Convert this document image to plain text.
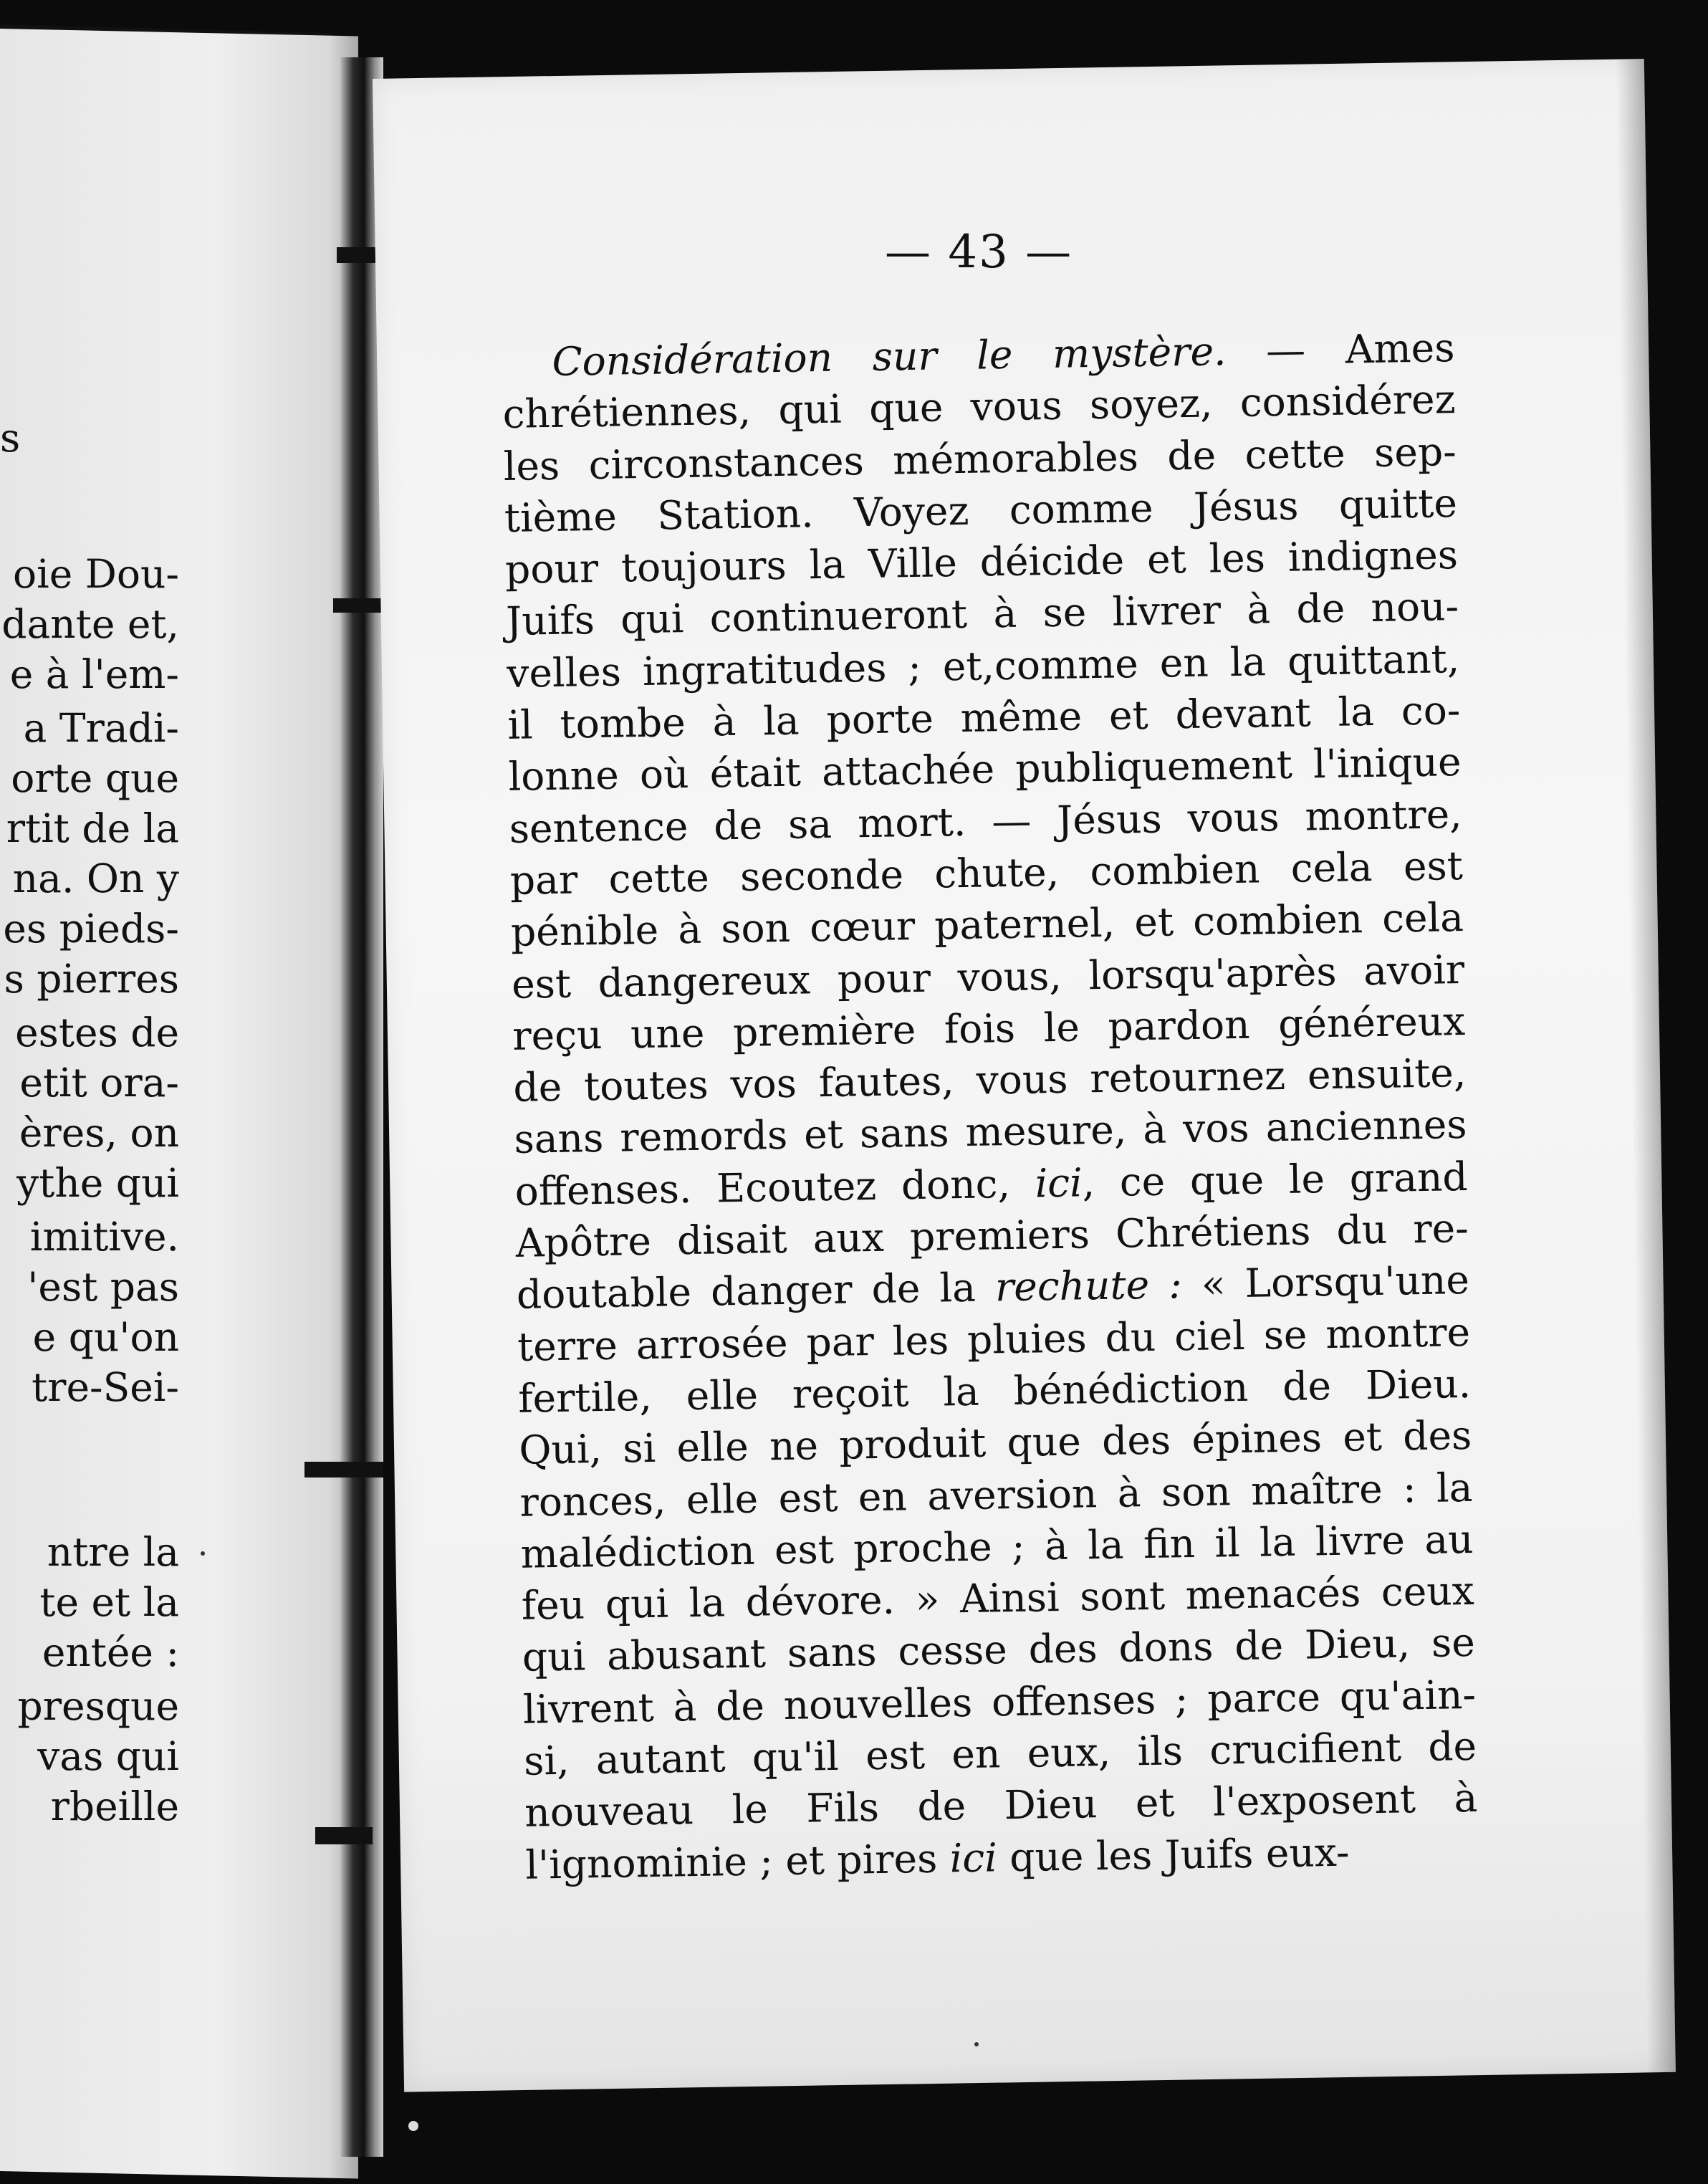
s
oie Dou-
dante et,
e à l'em-
a Tradi-
orte que
rtit de la
na. On y
es pieds-
s pierres
estes de
etit ora-
ères, on
ythe qui
imitive.
'est pas
e qu'on
tre-Sei-
ntre la
te et la
entée :
presque
vas qui
rbeille
— 43 —
Considération sur le mystère. — Ames
chrétiennes, qui que vous soyez, considérez
les circonstances mémorables de cette sep-
tième Station. Voyez comme Jésus quitte
pour toujours la Ville déicide et les indignes
Juifs qui continueront à se livrer à de nou-
velles ingratitudes ; et,comme en la quittant,
il tombe à la porte même et devant la co-
lonne où était attachée publiquement l'inique
sentence de sa mort. — Jésus vous montre,
par cette seconde chute, combien cela est
pénible à son cœur paternel, et combien cela
est dangereux pour vous, lorsqu'après avoir
reçu une première fois le pardon généreux
de toutes vos fautes, vous retournez ensuite,
sans remords et sans mesure, à vos anciennes
offenses. Ecoutez donc, ici, ce que le grand
Apôtre disait aux premiers Chrétiens du re-
doutable danger de la rechute : « Lorsqu'une
terre arrosée par les pluies du ciel se montre
fertile, elle reçoit la bénédiction de Dieu.
Qui, si elle ne produit que des épines et des
ronces, elle est en aversion à son maître : la
malédiction est proche ; à la fin il la livre au
feu qui la dévore. » Ainsi sont menacés ceux
qui abusant sans cesse des dons de Dieu, se
livrent à de nouvelles offenses ; parce qu'ain-
si, autant qu'il est en eux, ils crucifient de
nouveau le Fils de Dieu et l'exposent à
l'ignominie ; et pires ici que les Juifs eux-
